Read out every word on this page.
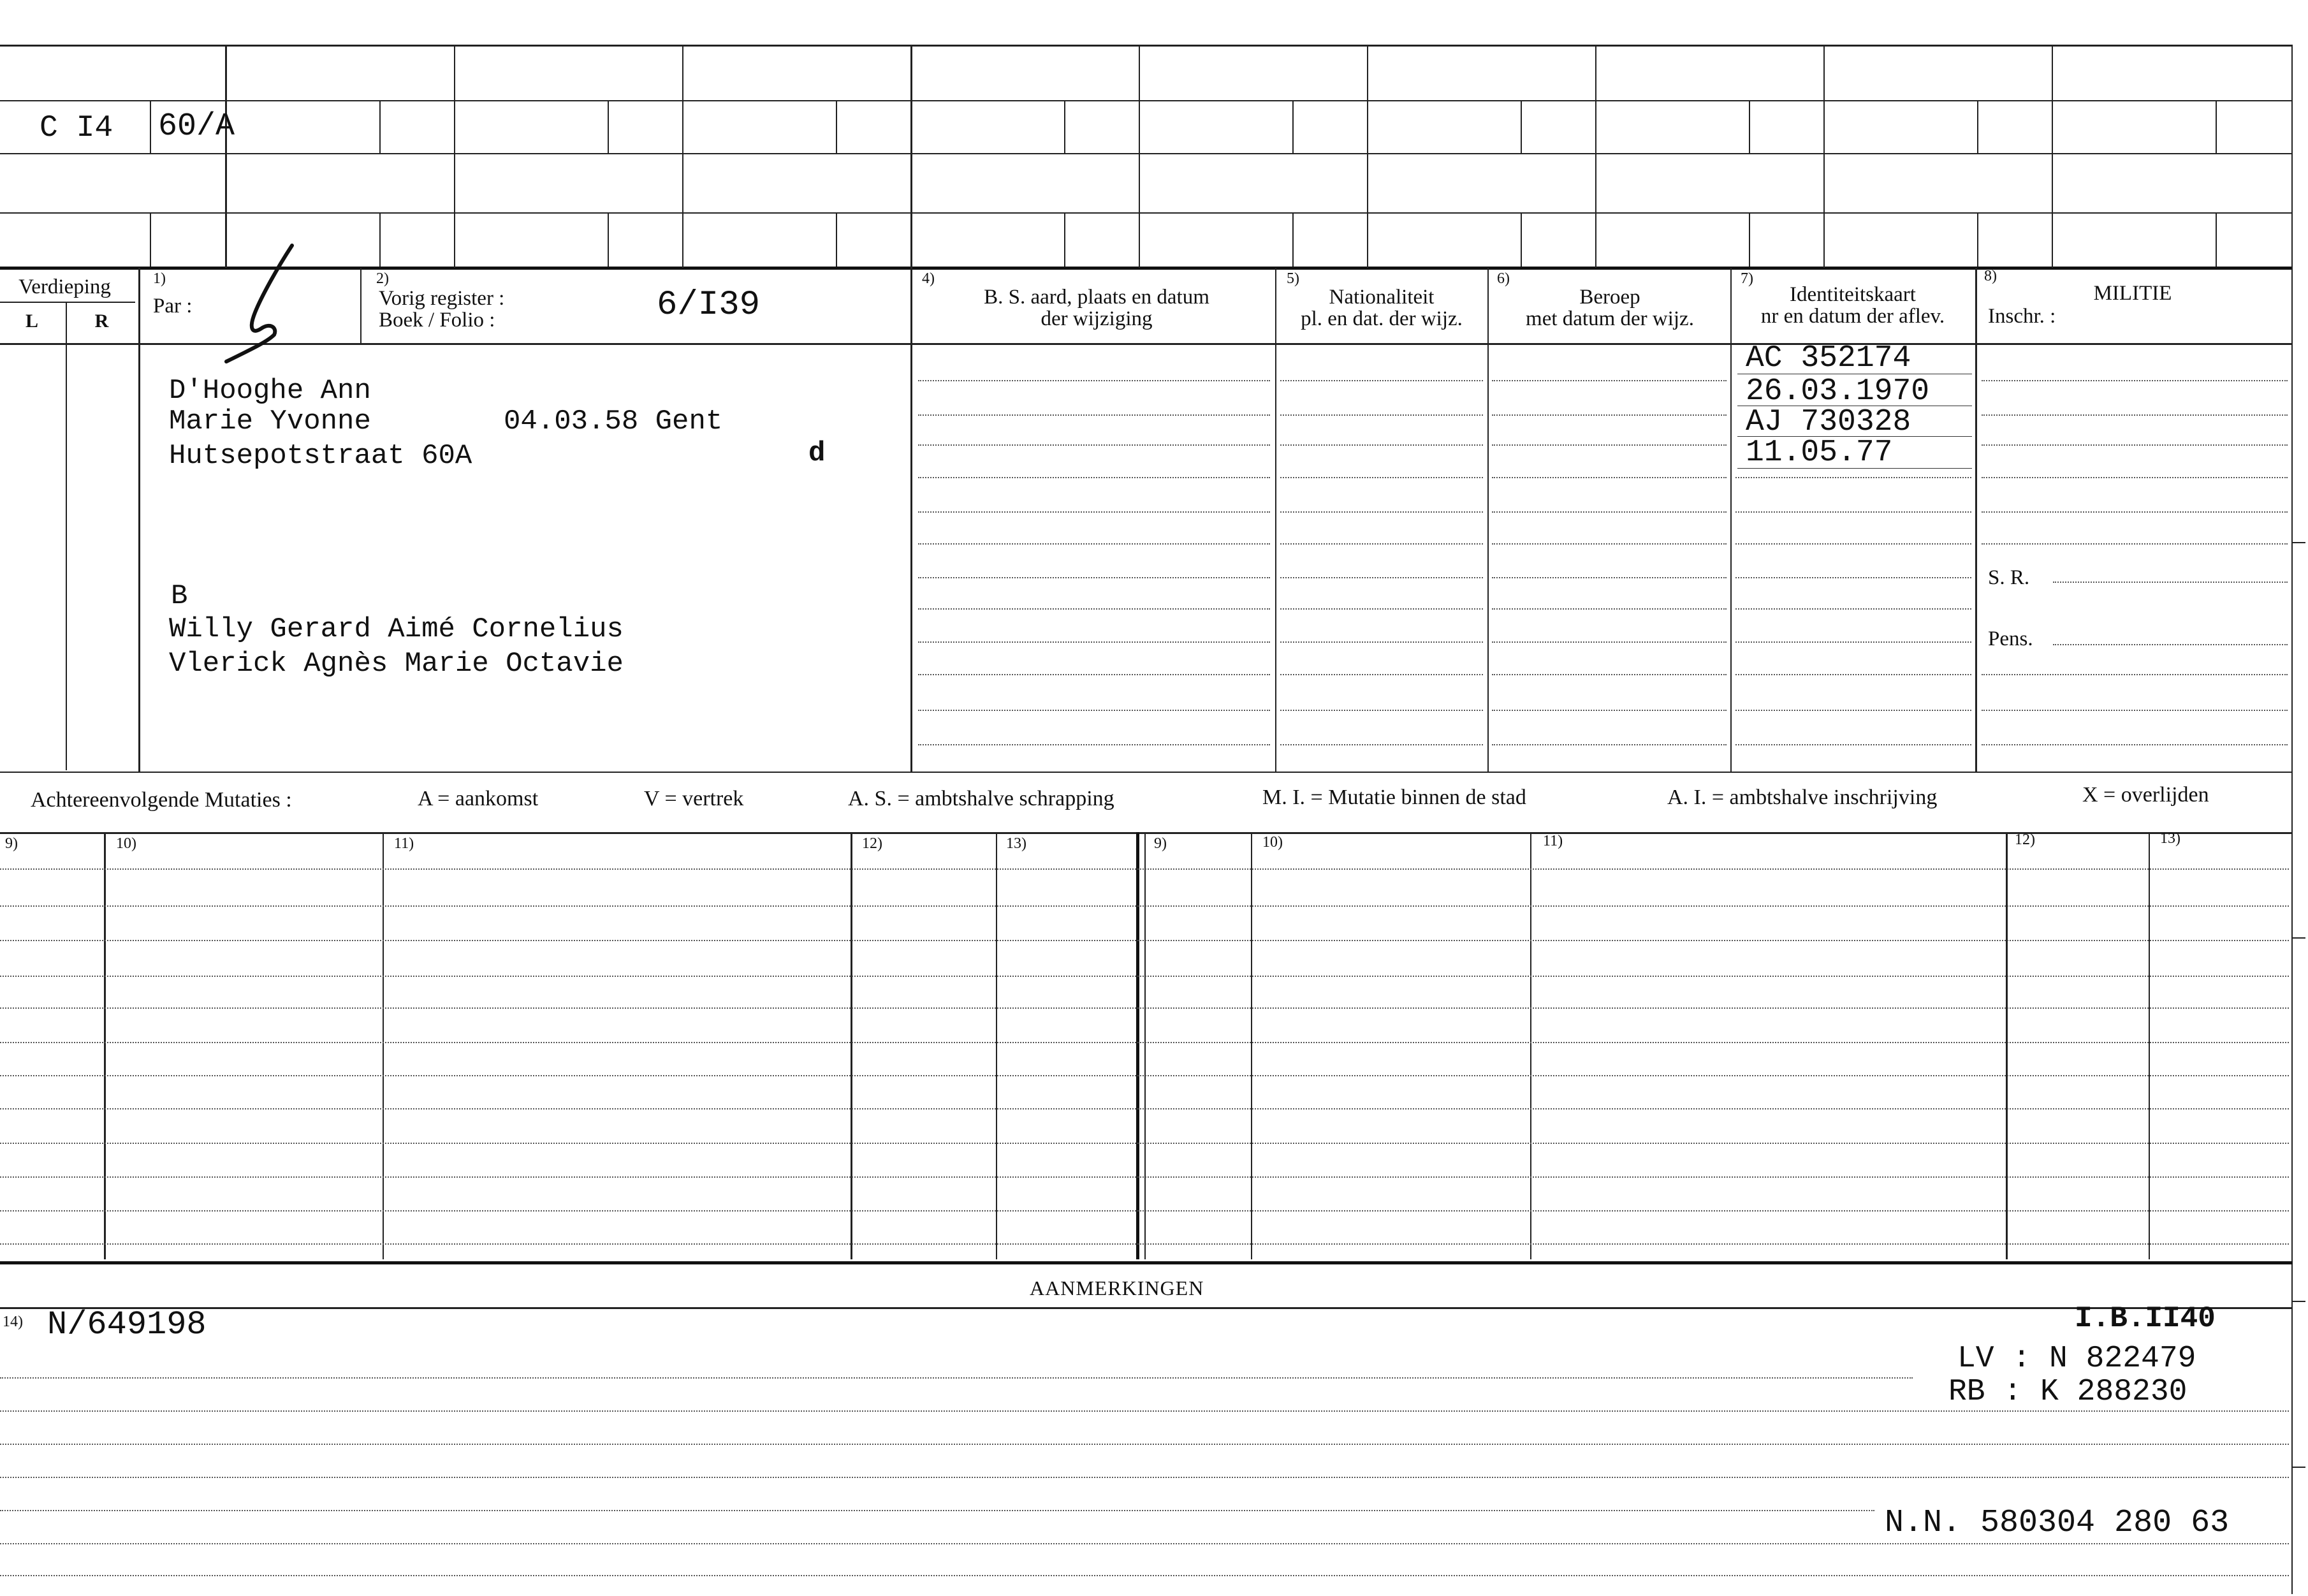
C I4 60/A
Verdieping
L	R
1)
Par :
2)
Vorig register :
Boek / Folio :	6/I39
4)
B. S. aard, plaats en datum
der wijziging
5)
Nationaliteit
pl. en dat. der wijz.
6)
Beroep
met datum der wijz.
7)
Identiteitskaart
nr en datum der aflev.
8)
MILITIE
Inschr. :
D'Hooghe Ann
Marie Yvonne	04.03.58 Gent
Hutsepotstraat 60A	d
B
Willy Gerard Aimé Cornelius
Vlerick Agnès Marie Octavie
AC 352174
26.03.1970
AJ 730328
11.05.77
S. R.
Pens.
Achtereenvolgende Mutaties :	A = aankomst	V = vertrek	A. S. = ambtshalve schrapping	M. I. = Mutatie binnen de stad	A. I. = ambtshalve inschrijving	X = overlijden
9)	10)	11)	12)	13)	9)	10)	11)	12)	13)
AANMERKINGEN
14) N/649198	I.B.II40
LV : N 822479
RB : K 288230
N.N. 580304 280 63
